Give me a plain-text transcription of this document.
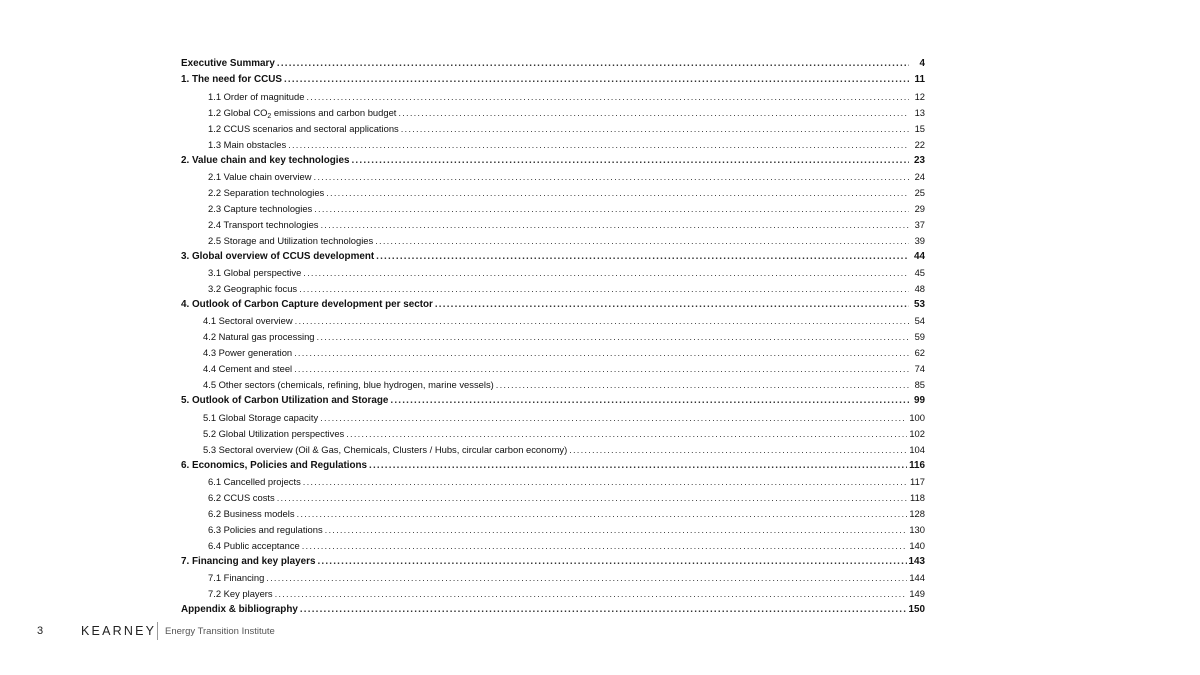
Executive Summary .....	4
1. The need for CCUS .....	11
1.1 Order of magnitude .....	12
1.2 Global $CO_2$ emissions and carbon budget .....	13
1.2 CCUS scenarios and sectoral applications .....	15
1.3 Main obstacles .....	22
2. Value chain and key technologies .....	23
2.1 Value chain overview .....	24
2.2 Separation technologies .....	25
2.3 Capture technologies .....	29
2.4 Transport technologies .....	37
2.5 Storage and Utilization technologies .....	39
3. Global overview of CCUS development .....	44
3.1 Global perspective .....	45
3.2 Geographic focus .....	48
4. Outlook of Carbon Capture development per sector .....	53
4.1 Sectoral overview .....	54
4.2 Natural gas processing .....	59
4.3 Power generation .....	62
4.4 Cement and steel .....	74
4.5 Other sectors (chemicals, refining, blue hydrogen, marine vessels) .....	85
5. Outlook of Carbon Utilization and Storage .....	99
5.1 Global Storage capacity .....	100
5.2 Global Utilization perspectives .....	102
5.3 Sectoral overview (Oil & Gas, Chemicals, Clusters / Hubs, circular carbon economy) .....	104
6. Economics, Policies and Regulations .....	116
6.1 Cancelled projects .....	117
6.2 CCUS costs .....	118
6.2 Business models .....	128
6.3 Policies and regulations .....	130
6.4 Public acceptance .....	140
7. Financing and key players .....	143
7.1 Financing .....	144
7.2 Key players .....	149
Appendix & bibliography .....	150
3	KEARNEY Energy Transition Institute
